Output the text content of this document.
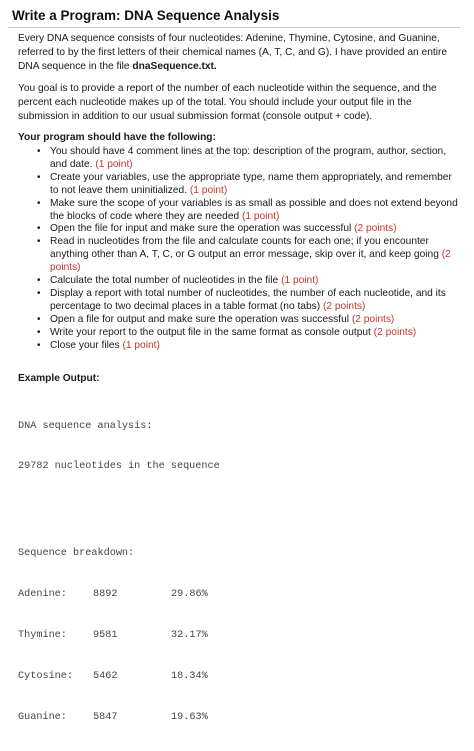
Write a Program: DNA Sequence Analysis

Every DNA sequence consists of four nucleotides: Adenine, Thymine, Cytosine, and Guanine, referred to by the first letters of their chemical names (A, T, C, and G). I have provided an entire DNA sequence in the file dnaSequence.txt.

You goal is to provide a report of the number of each nucleotide within the sequence, and the percent each nucleotide makes up of the total. You should include your output file in the submission in addition to our usual submission format (console output + code).

Your program should have the following:
• You should have 4 comment lines at the top: description of the program, author, section, and date. (1 point)
• Create your variables, use the appropriate type, name them appropriately, and remember to not leave them uninitialized. (1 point)
• Make sure the scope of your variables is as small as possible and does not extend beyond the blocks of code where they are needed (1 point)
• Open the file for input and make sure the operation was successful (2 points)
• Read in nucleotides from the file and calculate counts for each one; if you encounter anything other than A, T, C, or G output an error message, skip over it, and keep going (2 points)
• Calculate the total number of nucleotides in the file (1 point)
• Display a report with total number of nucleotides, the number of each nucleotide, and its percentage to two decimal places in a table format (no tabs) (2 points)
• Open a file for output and make sure the operation was successful (2 points)
• Write your report to the output file in the same format as console output (2 points)
• Close your files (1 point)
Example Output:

DNA sequence analysis:

29782 nucleotides in the sequence

Sequence breakdown:

Adenine:	8892	29.86%

Thymine:	9581	32.17%

Cytosine:	5462	18.34%

Guanine:	5847	19.63%
